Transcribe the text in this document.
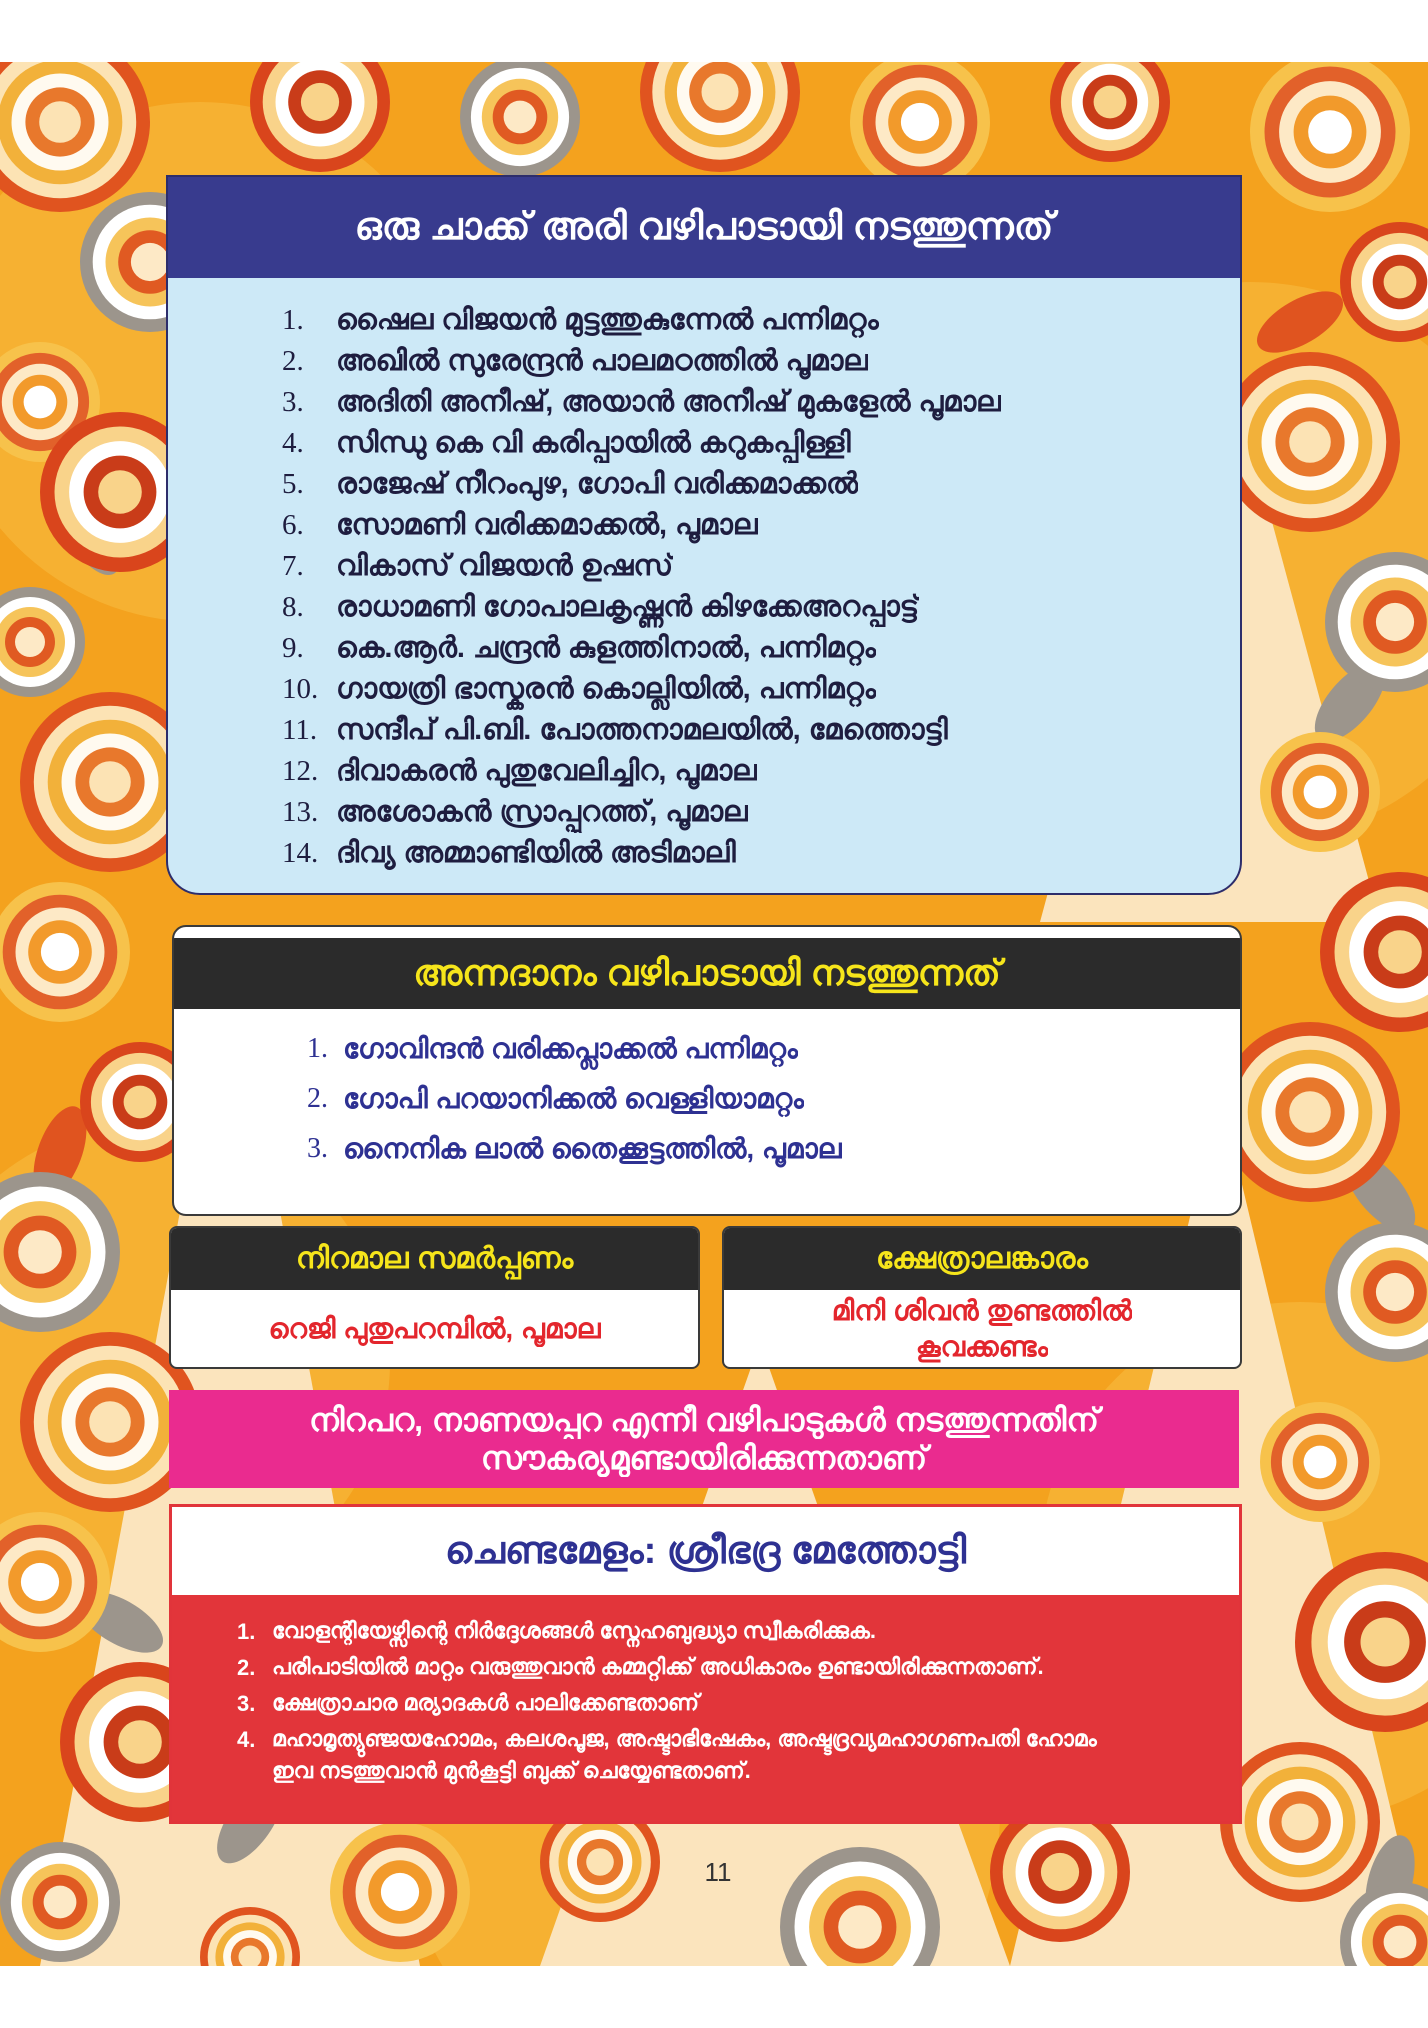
ഒരു ചാക്ക് അരി വഴിപാടായി നടത്തുന്നത്
1.	ഷൈല വിജയൻ മുട്ടത്തുകുന്നേൽ പന്നിമറ്റം
2.	അഖിൽ സുരേന്ദ്രൻ പാലമഠത്തിൽ പൂമാല
3.	അദിതി അനീഷ്, അയാൻ അനീഷ് മുകളേൽ പൂമാല
4.	സിന്ധു കെ വി കരിപ്പായിൽ കറുകപ്പിള്ളി
5.	രാജേഷ് നീറംപുഴ, ഗോപി വരിക്കമാക്കൽ
6.	സോമണി വരിക്കമാക്കൽ, പൂമാല
7.	വികാസ് വിജയൻ ഉഷസ്
8.	രാധാമണി ഗോപാലകൃഷ്ണൻ കിഴക്കേഅറപ്പാട്ട്
9.	കെ.ആർ. ചന്ദ്രൻ കുളത്തിനാൽ, പന്നിമറ്റം
10. ഗായത്രി ഭാസ്കരൻ കൊല്ലിയിൽ, പന്നിമറ്റം
11. സന്ദീപ് പി.ബി. പോത്തനാമലയിൽ, മേത്തൊട്ടി
12. ദിവാകരൻ പുതുവേലിച്ചിറ, പൂമാല
13. അശോകൻ സ്രാപ്പുറത്ത്, പൂമാല
14. ദിവ്യ അമ്മാണ്ടിയിൽ അടിമാലി
അന്നദാനം വഴിപാടായി നടത്തുന്നത്
1. ഗോവിന്ദൻ വരിക്കപ്ലാക്കൽ പന്നിമറ്റം
2. ഗോപി പറയാനിക്കൽ വെള്ളിയാമറ്റം
3. നൈനിക ലാൽ തൈക്കൂട്ടത്തിൽ, പൂമാല
നിറമാല സമർപ്പണം
റെജി പുതുപറമ്പിൽ, പൂമാല
ക്ഷേത്രാലങ്കാരം
മിനി ശിവൻ തുണ്ടത്തിൽ
കൂവക്കണ്ടം
നിറപറ, നാണയപ്പറ എന്നീ വഴിപാടുകൾ നടത്തുന്നതിന്
സൗകര്യമുണ്ടായിരിക്കുന്നതാണ്
ചെണ്ടമേളം: ശ്രീഭദ്ര മേത്തോട്ടി
1. വോളന്റിയേഴ്സിന്റെ നിർദ്ദേശങ്ങൾ സ്നേഹബുദ്ധ്യാ സ്വീകരിക്കുക.
2. പരിപാടിയിൽ മാറ്റം വരുത്തുവാൻ കമ്മറ്റിക്ക് അധികാരം ഉണ്ടായിരിക്കുന്നതാണ്.
3. ക്ഷേത്രാചാര മര്യാദകൾ പാലിക്കേണ്ടതാണ്
4. മഹാമൃത്യുഞ്ജയഹോമം, കലശപൂജ, അഷ്ടാഭിഷേകം, അഷ്ടദ്രവ്യമഹാഗണപതി ഹോമം ഇവ നടത്തുവാൻ മുൻകൂട്ടി ബുക്ക് ചെയ്യേണ്ടതാണ്.
11
